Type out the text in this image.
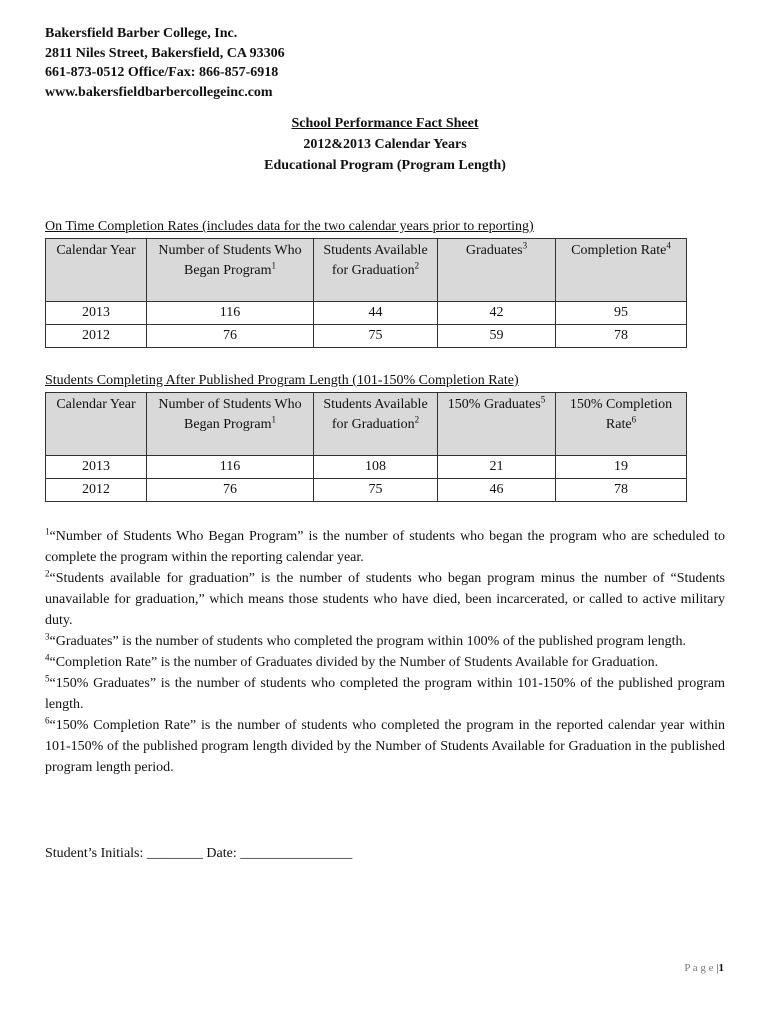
Bakersfield Barber College, Inc.
2811 Niles Street, Bakersfield, CA 93306
661-873-0512 Office/Fax: 866-857-6918
www.bakersfieldbarbercollegeinc.com
School Performance Fact Sheet
2012&2013 Calendar Years
Educational Program (Program Length)
On Time Completion Rates (includes data for the two calendar years prior to reporting)
Calendar Year	Number of Students Who Began Program$^1$	Students Available for Graduation$^2$	Graduates$^3$	Completion Rate$^4$
2013	116	44	42	95
2012	76	75	59	78
Students Completing After Published Program Length (101-150% Completion Rate)
Calendar Year	Number of Students Who Began Program$^1$	Students Available for Graduation$^2$	150% Graduates$^5$	150% Completion Rate$^6$
2013	116	108	21	19
2012	76	75	46	78

$^1$“Number of Students Who Began Program” is the number of students who began the program who are scheduled to complete the program within the reporting calendar year.

$^2$“Students available for graduation” is the number of students who began program minus the number of “Students unavailable for graduation,” which means those students who have died, been incarcerated, or called to active military duty.

$^3$“Graduates” is the number of students who completed the program within 100% of the published program length.

$^4$“Completion Rate” is the number of Graduates divided by the Number of Students Available for Graduation.

$^5$“150% Graduates” is the number of students who completed the program within 101-150% of the published program length.

$^6$“150% Completion Rate” is the number of students who completed the program in the reported calendar year within 101-150% of the published program length divided by the Number of Students Available for Graduation in the published program length period.

Student’s Initials: ________ Date: ________________
P a g e |1
